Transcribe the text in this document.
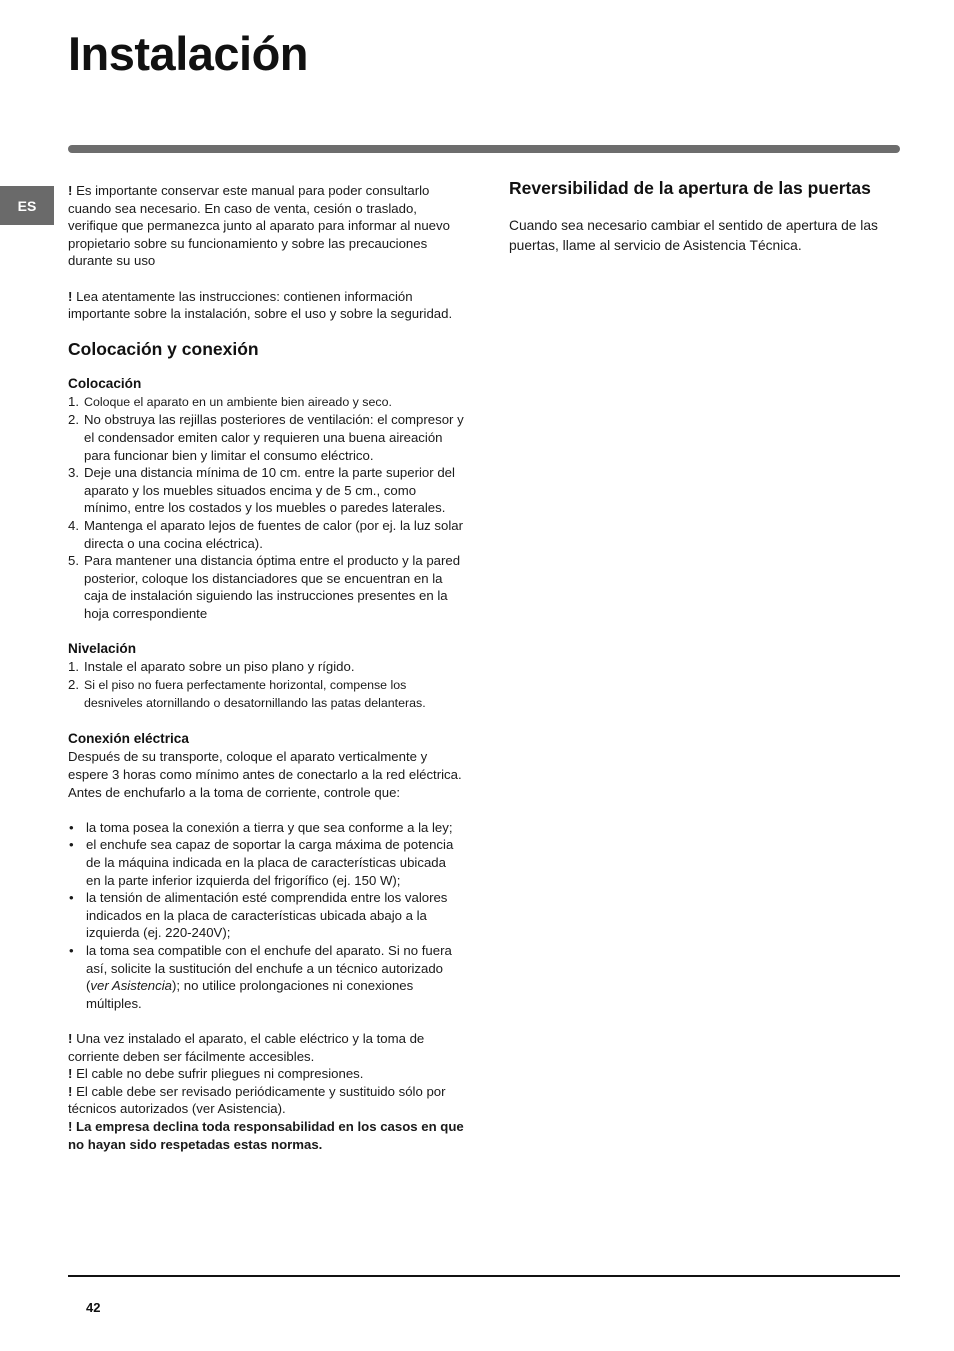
Instalación
ES

! Es importante conservar este manual para poder consultarlo cuando sea necesario. En caso de venta, cesión o traslado, verifique que permanezca junto al aparato para informar al nuevo propietario sobre su funcionamiento y sobre las precauciones durante su uso

! Lea atentamente las instrucciones: contienen información importante sobre la instalación, sobre el uso y sobre la seguridad.

Colocación y conexión
Colocación
1. Coloque el aparato en un ambiente bien aireado y seco.
2. No obstruya las rejillas posteriores de ventilación: el compresor y el condensador emiten calor y requieren una buena aireación para funcionar bien y limitar el consumo eléctrico.
3. Deje una distancia mínima de 10 cm. entre la parte superior del aparato y los muebles situados encima y de 5 cm., como mínimo, entre los costados y los muebles o paredes laterales.
4. Mantenga el aparato lejos de fuentes de calor (por ej. la luz solar directa o una cocina eléctrica).
5. Para mantener una distancia óptima entre el producto y la pared posterior, coloque los distanciadores que se encuentran en la caja de instalación siguiendo las instrucciones presentes en la hoja correspondiente
Nivelación
1. Instale el aparato sobre un piso plano y rígido.
2. Si el piso no fuera perfectamente horizontal, compense los desniveles atornillando o desatornillando las patas delanteras.
Conexión eléctrica

Después de su transporte, coloque el aparato verticalmente y espere 3 horas como mínimo antes de conectarlo a la red eléctrica. Antes de enchufarlo a la toma de corriente, controle que:

• la toma posea la conexión a tierra y que sea conforme a la ley;
• el enchufe sea capaz de soportar la carga máxima de potencia de la máquina indicada en la placa de características ubicada en la parte inferior izquierda del frigorífico (ej. 150 W);
• la tensión de alimentación esté comprendida entre los valores indicados en la placa de características ubicada abajo a la izquierda (ej. 220-240V);
• la toma sea compatible con el enchufe del aparato. Si no fuera así, solicite la sustitución del enchufe a un técnico autorizado (ver Asistencia); no utilice prolongaciones ni conexiones múltiples.

! Una vez instalado el aparato, el cable eléctrico y la toma de corriente deben ser fácilmente accesibles.

! El cable no debe sufrir pliegues ni compresiones.

! El cable debe ser revisado periódicamente y sustituido sólo por técnicos autorizados (ver Asistencia).

! La empresa declina toda responsabilidad en los casos en que no hayan sido respetadas estas normas.

Reversibilidad de la apertura de las puertas

Cuando sea necesario cambiar el sentido de apertura de las puertas, llame al servicio de Asistencia Técnica.

42
